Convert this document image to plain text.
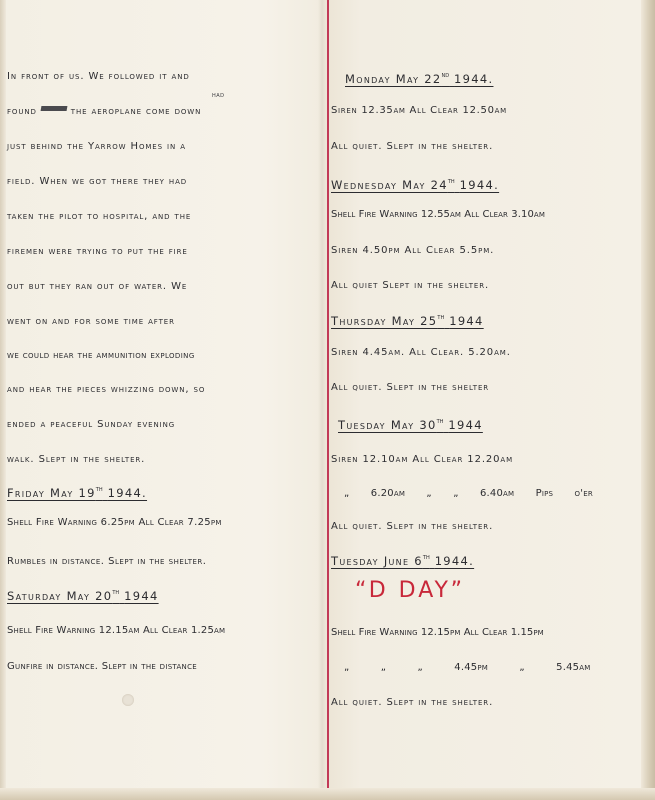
In front of us. We followed it and
had
found	the aeroplane come down
just behind the Yarrow Homes in a
field. When we got there they had
taken the pilot to hospital, and the
firemen were trying to put the fire
out but they ran out of water. We
went on and for some time after
we could hear the ammunition exploding
and hear the pieces whizzing down, so
ended a peaceful Sunday evening
walk. Slept in the shelter.
Friday May 19th 1944.
Shell Fire Warning 6.25pm All Clear 7.25pm
Rumbles in distance. Slept in the shelter.
Saturday May 20th 1944
Shell Fire Warning 12.15am All Clear 1.25am
Gunfire in distance. Slept in the distance
Monday May 22nd 1944.
Siren 12.35am All Clear 12.50am
All quiet. Slept in the shelter.
Wednesday May 24th 1944.
Shell Fire Warning 12.55am All Clear 3.10am
Siren 4.50pm All Clear 5.5pm.
All quiet Slept in the shelter.
Thursday May 25th 1944
Siren 4.45am. All Clear. 5.20am.
All quiet. Slept in the shelter
Tuesday May 30th 1944
Siren 12.10am All Clear 12.20am
„ 6.20am „ „ 6.40am Pips o'er
All quiet. Slept in the shelter.
Tuesday June 6th 1944.
“D DAY”
Shell Fire Warning 12.15pm All Clear 1.15pm
„ „ „ 4.45pm „ 5.45am
All quiet. Slept in the shelter.
